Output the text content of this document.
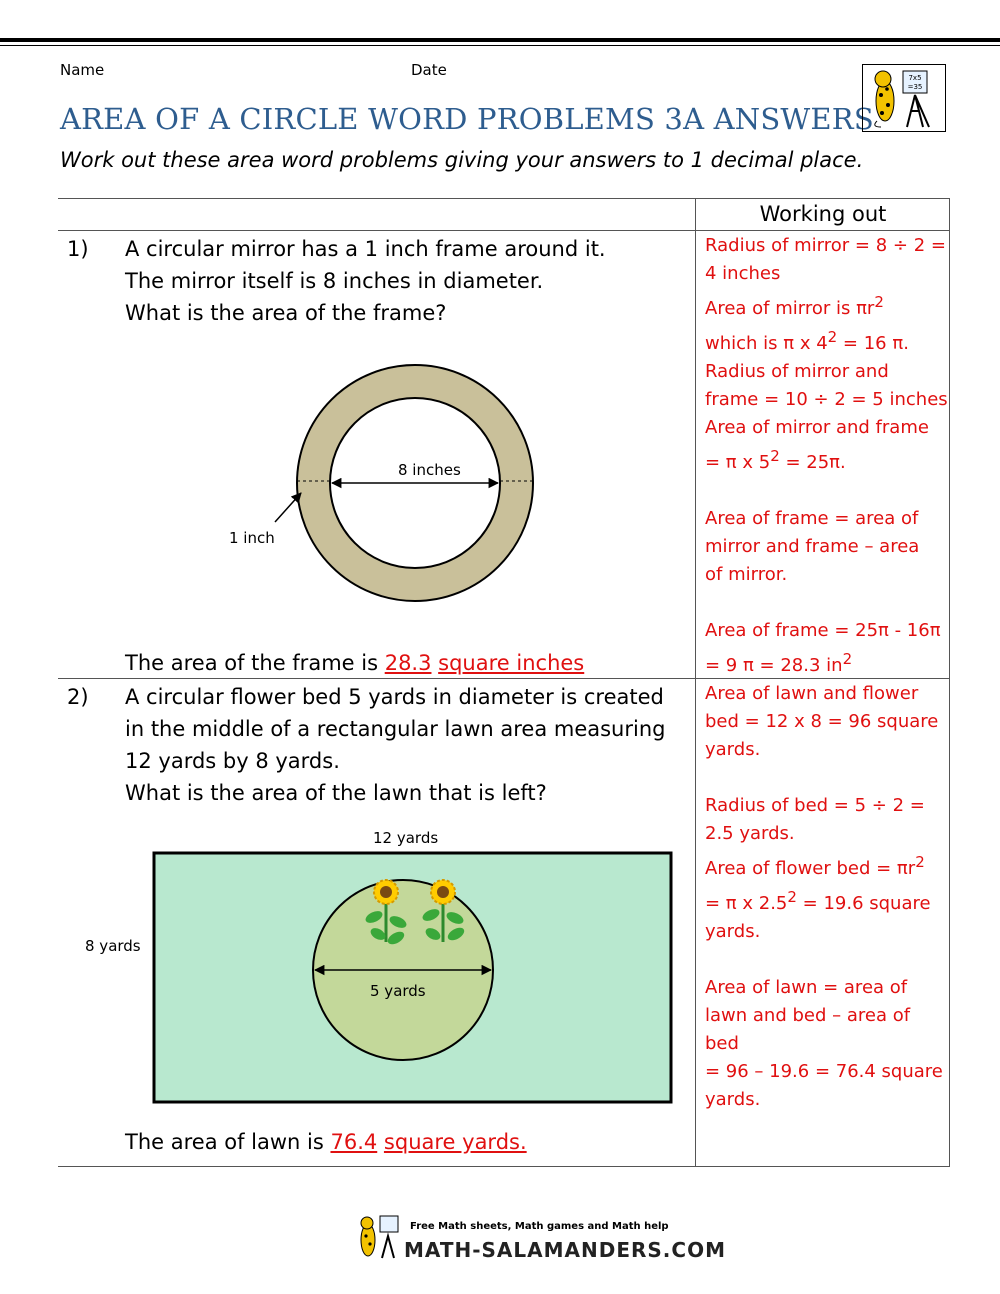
Name	Date
AREA OF A CIRCLE WORD PROBLEMS 3A ANSWERS
Work out these area word problems giving your answers to 1 decimal place.
7x5
=35
Working out
1) A circular mirror has a 1 inch frame around it.
The mirror itself is 8 inches in diameter.
What is the area of the frame?
8 inches
1 inch
The area of the frame is 28.3 square inches

Radius of mirror = 8 ÷ 2 =

4 inches

Area of mirror is $\pi r^2$

which is π x $4^2 = 16$ π.

Radius of mirror and

frame = 10 ÷ 2 = 5 inches

Area of mirror and frame

= π x $5^2 = 25\pi$.

Area of frame = area of

mirror and frame – area

of mirror.

Area of frame = 25π - 16π

= 9 π = 28.3 $in^2$

2) A circular flower bed 5 yards in diameter is created
in the middle of a rectangular lawn area measuring
12 yards by 8 yards.
What is the area of the lawn that is left?
12 yards
8 yards
5 yards
The area of lawn is 76.4 square yards.

Area of lawn and flower

bed = 12 x 8 = 96 square

yards.

Radius of bed = 5 ÷ 2 =

2.5 yards.

Area of flower bed = $\pi r^2$

= π x $2.5^2 = 19.6$ square

yards.

Area of lawn = area of

lawn and bed – area of

bed

= 96 – 19.6 = 76.4 square

yards.

Free Math sheets, Math games and Math help
MATH-SALAMANDERS.COM
